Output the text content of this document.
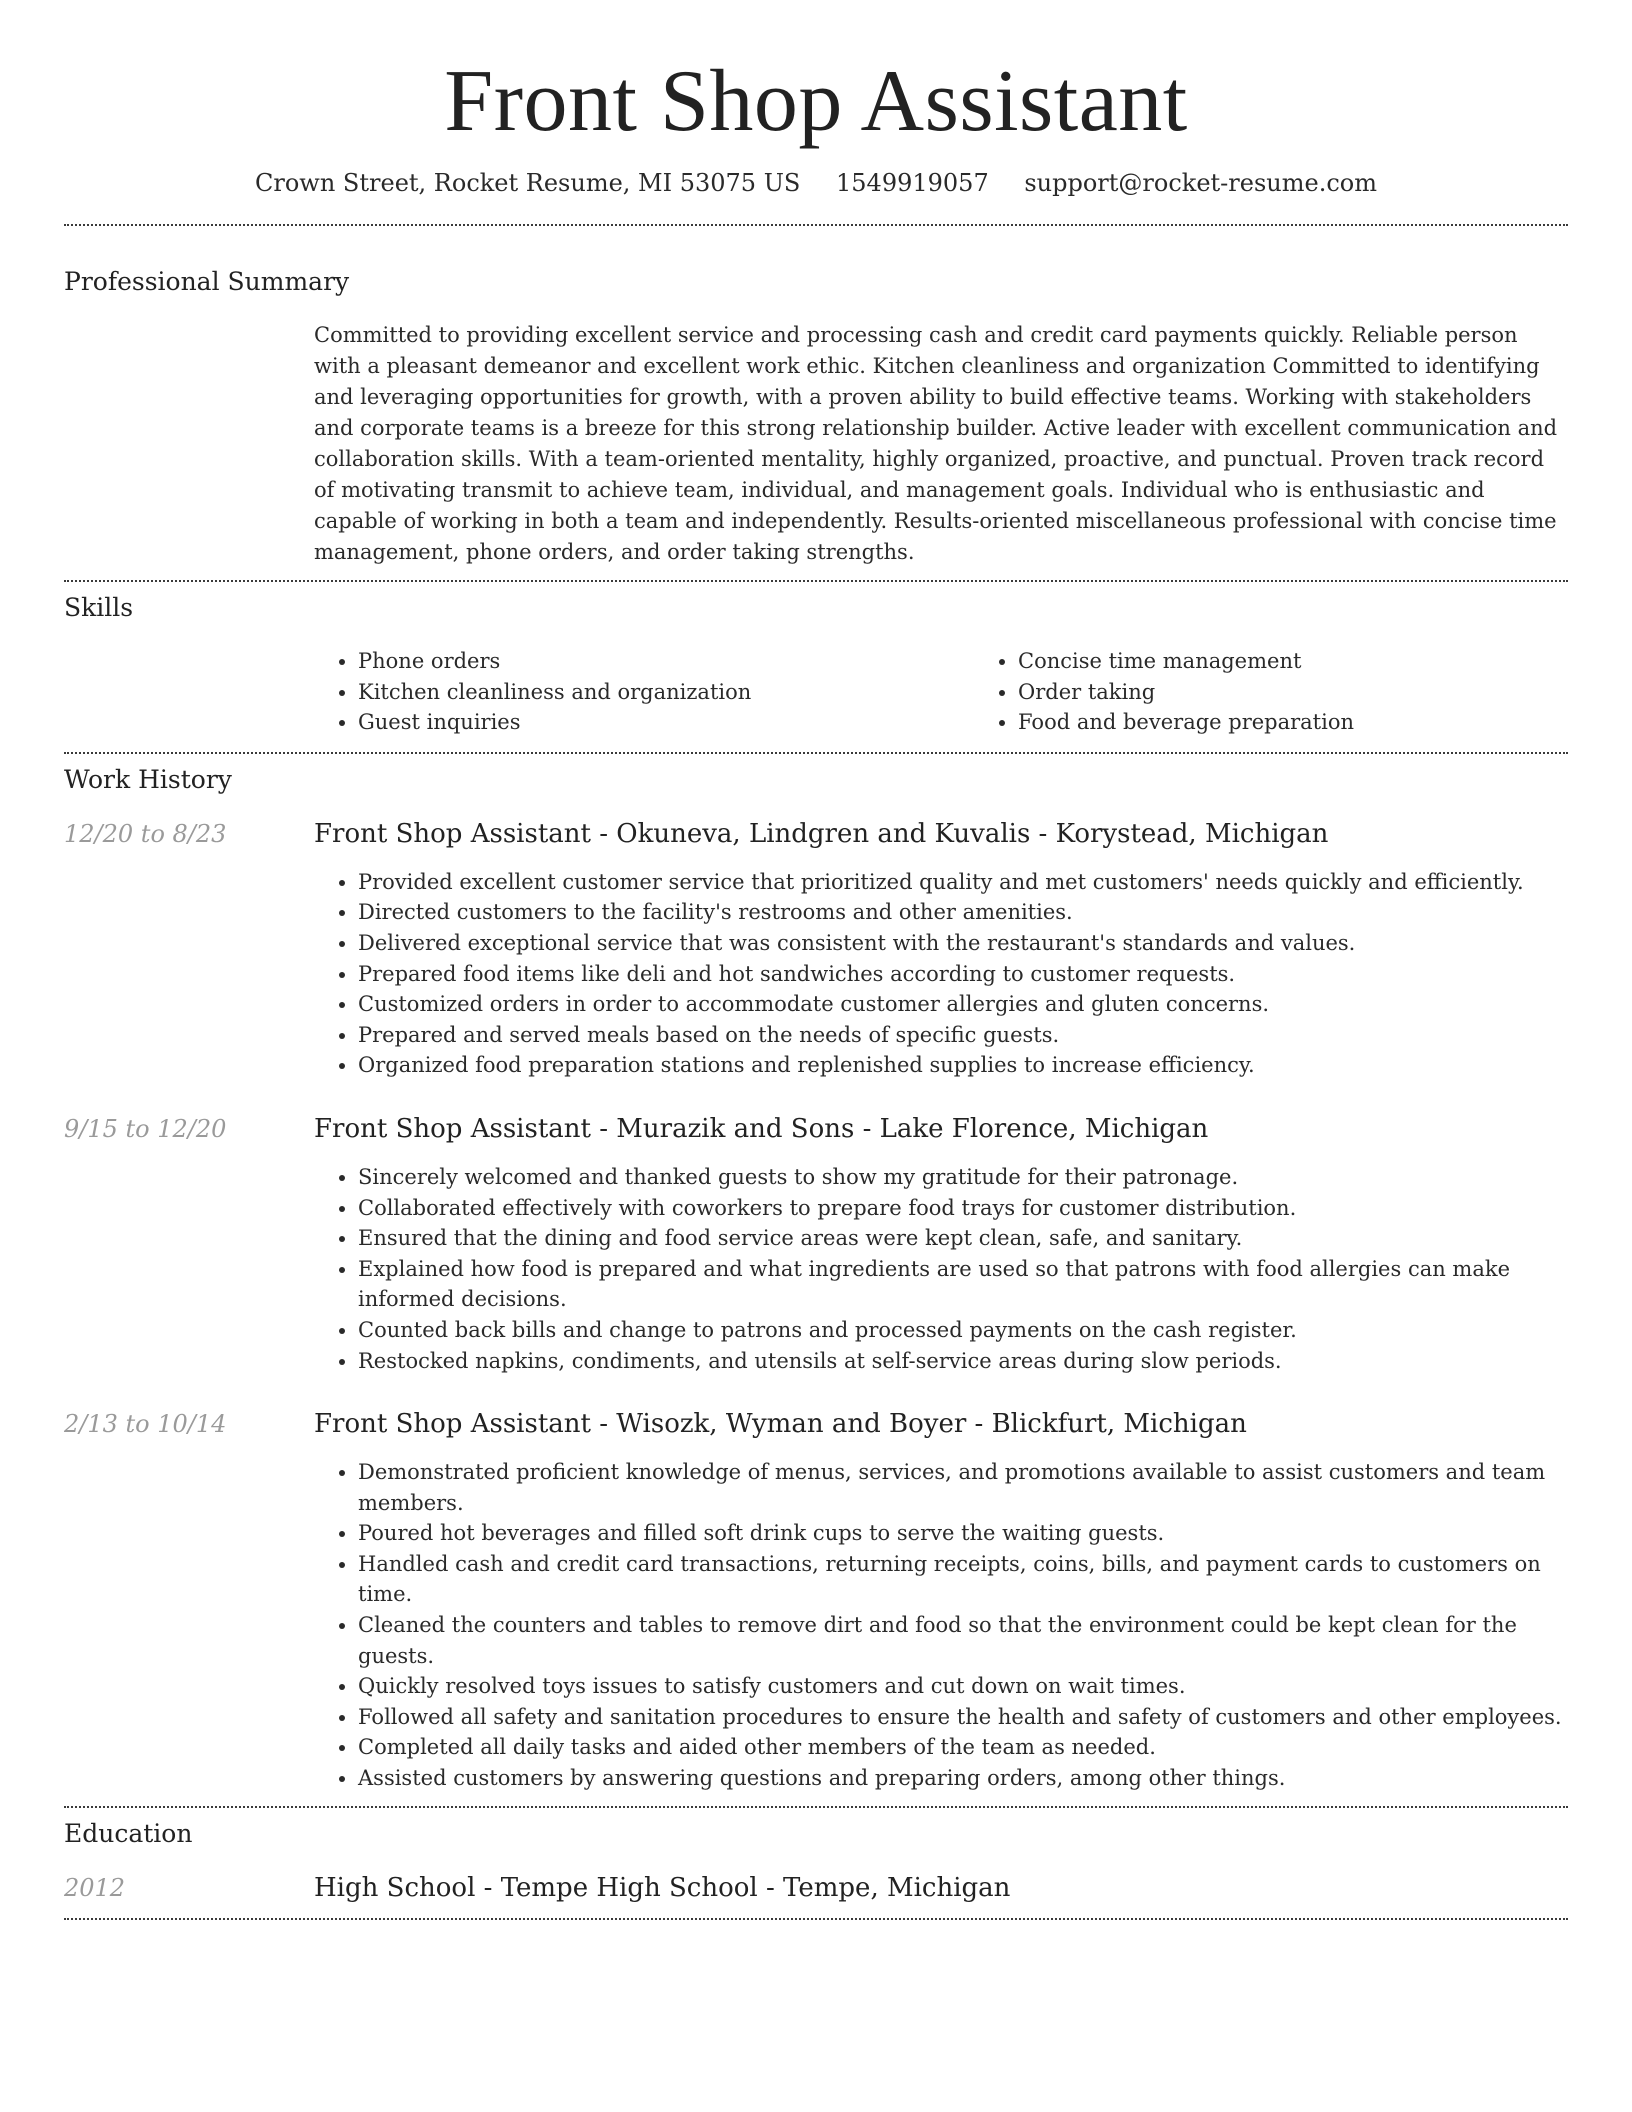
Front Shop Assistant
Crown Street, Rocket Resume, MI 53075 US 1549919057 support@rocket-resume.com
Professional Summary

Committed to providing excellent service and processing cash and credit card payments quickly. Reliable person with a pleasant demeanor and excellent work ethic. Kitchen cleanliness and organization Committed to identifying and leveraging opportunities for growth, with a proven ability to build effective teams. Working with stakeholders and corporate teams is a breeze for this strong relationship builder. Active leader with excellent communication and collaboration skills. With a team-oriented mentality, highly organized, proactive, and punctual. Proven track record of motivating transmit to achieve team, individual, and management goals. Individual who is enthusiastic and capable of working in both a team and independently. Results-oriented miscellaneous professional with concise time management, phone orders, and order taking strengths.

Skills
• Phone orders
• Kitchen cleanliness and organization
• Guest inquiries
• Concise time management
• Order taking
• Food and beverage preparation
Work History
12/20 to 8/23	Front Shop Assistant - Okuneva, Lindgren and Kuvalis - Korystead, Michigan
• Provided excellent customer service that prioritized quality and met customers' needs quickly and efficiently.
• Directed customers to the facility's restrooms and other amenities.
• Delivered exceptional service that was consistent with the restaurant's standards and values.
• Prepared food items like deli and hot sandwiches according to customer requests.
• Customized orders in order to accommodate customer allergies and gluten concerns.
• Prepared and served meals based on the needs of specific guests.
• Organized food preparation stations and replenished supplies to increase efficiency.
9/15 to 12/20	Front Shop Assistant - Murazik and Sons - Lake Florence, Michigan
• Sincerely welcomed and thanked guests to show my gratitude for their patronage.
• Collaborated effectively with coworkers to prepare food trays for customer distribution.
• Ensured that the dining and food service areas were kept clean, safe, and sanitary.
• Explained how food is prepared and what ingredients are used so that patrons with food allergies can make informed decisions.
• Counted back bills and change to patrons and processed payments on the cash register.
• Restocked napkins, condiments, and utensils at self-service areas during slow periods.
2/13 to 10/14	Front Shop Assistant - Wisozk, Wyman and Boyer - Blickfurt, Michigan
• Demonstrated proficient knowledge of menus, services, and promotions available to assist customers and team members.
• Poured hot beverages and filled soft drink cups to serve the waiting guests.
• Handled cash and credit card transactions, returning receipts, coins, bills, and payment cards to customers on time.
• Cleaned the counters and tables to remove dirt and food so that the environment could be kept clean for the guests.
• Quickly resolved toys issues to satisfy customers and cut down on wait times.
• Followed all safety and sanitation procedures to ensure the health and safety of customers and other employees.
• Completed all daily tasks and aided other members of the team as needed.
• Assisted customers by answering questions and preparing orders, among other things.
Education
2012	High School - Tempe High School - Tempe, Michigan
